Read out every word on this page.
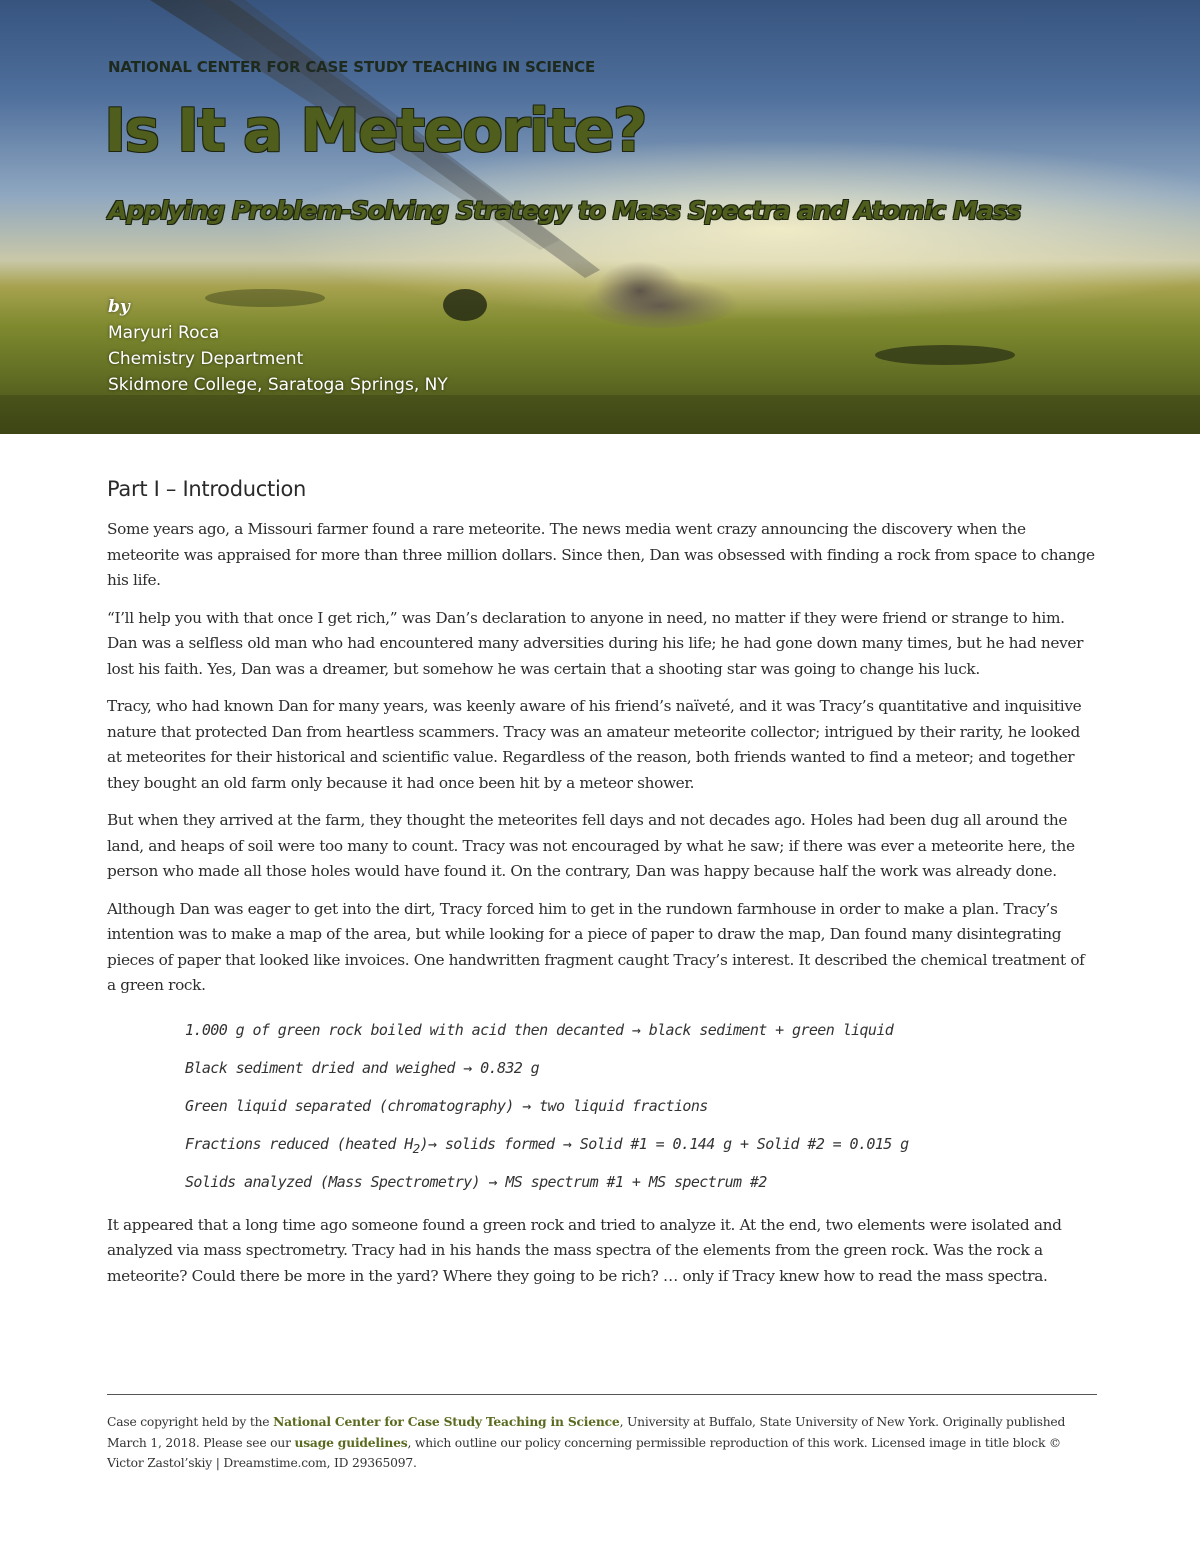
NATIONAL CENTER FOR CASE STUDY TEACHING IN SCIENCE

Is It a Meteorite?
Applying Problem-Solving Strategy to Mass Spectra and Atomic Mass
by
Maryuri Roca
Chemistry Department
Skidmore College, Saratoga Springs, NY
Part I – Introduction

Some years ago, a Missouri farmer found a rare meteorite. The news media went crazy announcing the discovery when the meteorite was appraised for more than three million dollars. Since then, Dan was obsessed with finding a rock from space to change his life.

“I’ll help you with that once I get rich,” was Dan’s declaration to anyone in need, no matter if they were friend or strange to him. Dan was a selfless old man who had encountered many adversities during his life; he had gone down many times, but he had never lost his faith. Yes, Dan was a dreamer, but somehow he was certain that a shooting star was going to change his luck.

Tracy, who had known Dan for many years, was keenly aware of his friend’s naïveté, and it was Tracy’s quantitative and inquisitive nature that protected Dan from heartless scammers. Tracy was an amateur meteorite collector; intrigued by their rarity, he looked at meteorites for their historical and scientific value. Regardless of the reason, both friends wanted to find a meteor; and together they bought an old farm only because it had once been hit by a meteor shower.

But when they arrived at the farm, they thought the meteorites fell days and not decades ago. Holes had been dug all around the land, and heaps of soil were too many to count. Tracy was not encouraged by what he saw; if there was ever a meteorite here, the person who made all those holes would have found it. On the contrary, Dan was happy because half the work was already done.

Although Dan was eager to get into the dirt, Tracy forced him to get in the rundown farmhouse in order to make a plan. Tracy’s intention was to make a map of the area, but while looking for a piece of paper to draw the map, Dan found many disintegrating pieces of paper that looked like invoices. One handwritten fragment caught Tracy’s interest. It described the chemical treatment of a green rock.

1.000 g of green rock boiled with acid then decanted → black sediment + green liquid
Black sediment dried and weighed → 0.832 g
Green liquid separated (chromatography) → two liquid fractions
Fractions reduced (heated $H_2)\to$ solids formed → Solid #1 = 0.144 g + Solid #2 = 0.015 g
Solids analyzed (Mass Spectrometry) → MS spectrum #1 + MS spectrum #2

It appeared that a long time ago someone found a green rock and tried to analyze it. At the end, two elements were isolated and analyzed via mass spectrometry. Tracy had in his hands the mass spectra of the elements from the green rock. Was the rock a meteorite? Could there be more in the yard? Where they going to be rich? … only if Tracy knew how to read the mass spectra.

Case copyright held by the National Center for Case Study Teaching in Science, University at Buffalo, State University of New York. Originally published March 1, 2018. Please see our usage guidelines, which outline our policy concerning permissible reproduction of this work. Licensed image in title block © Victor Zastol’skiy | Dreamstime.com, ID 29365097.
